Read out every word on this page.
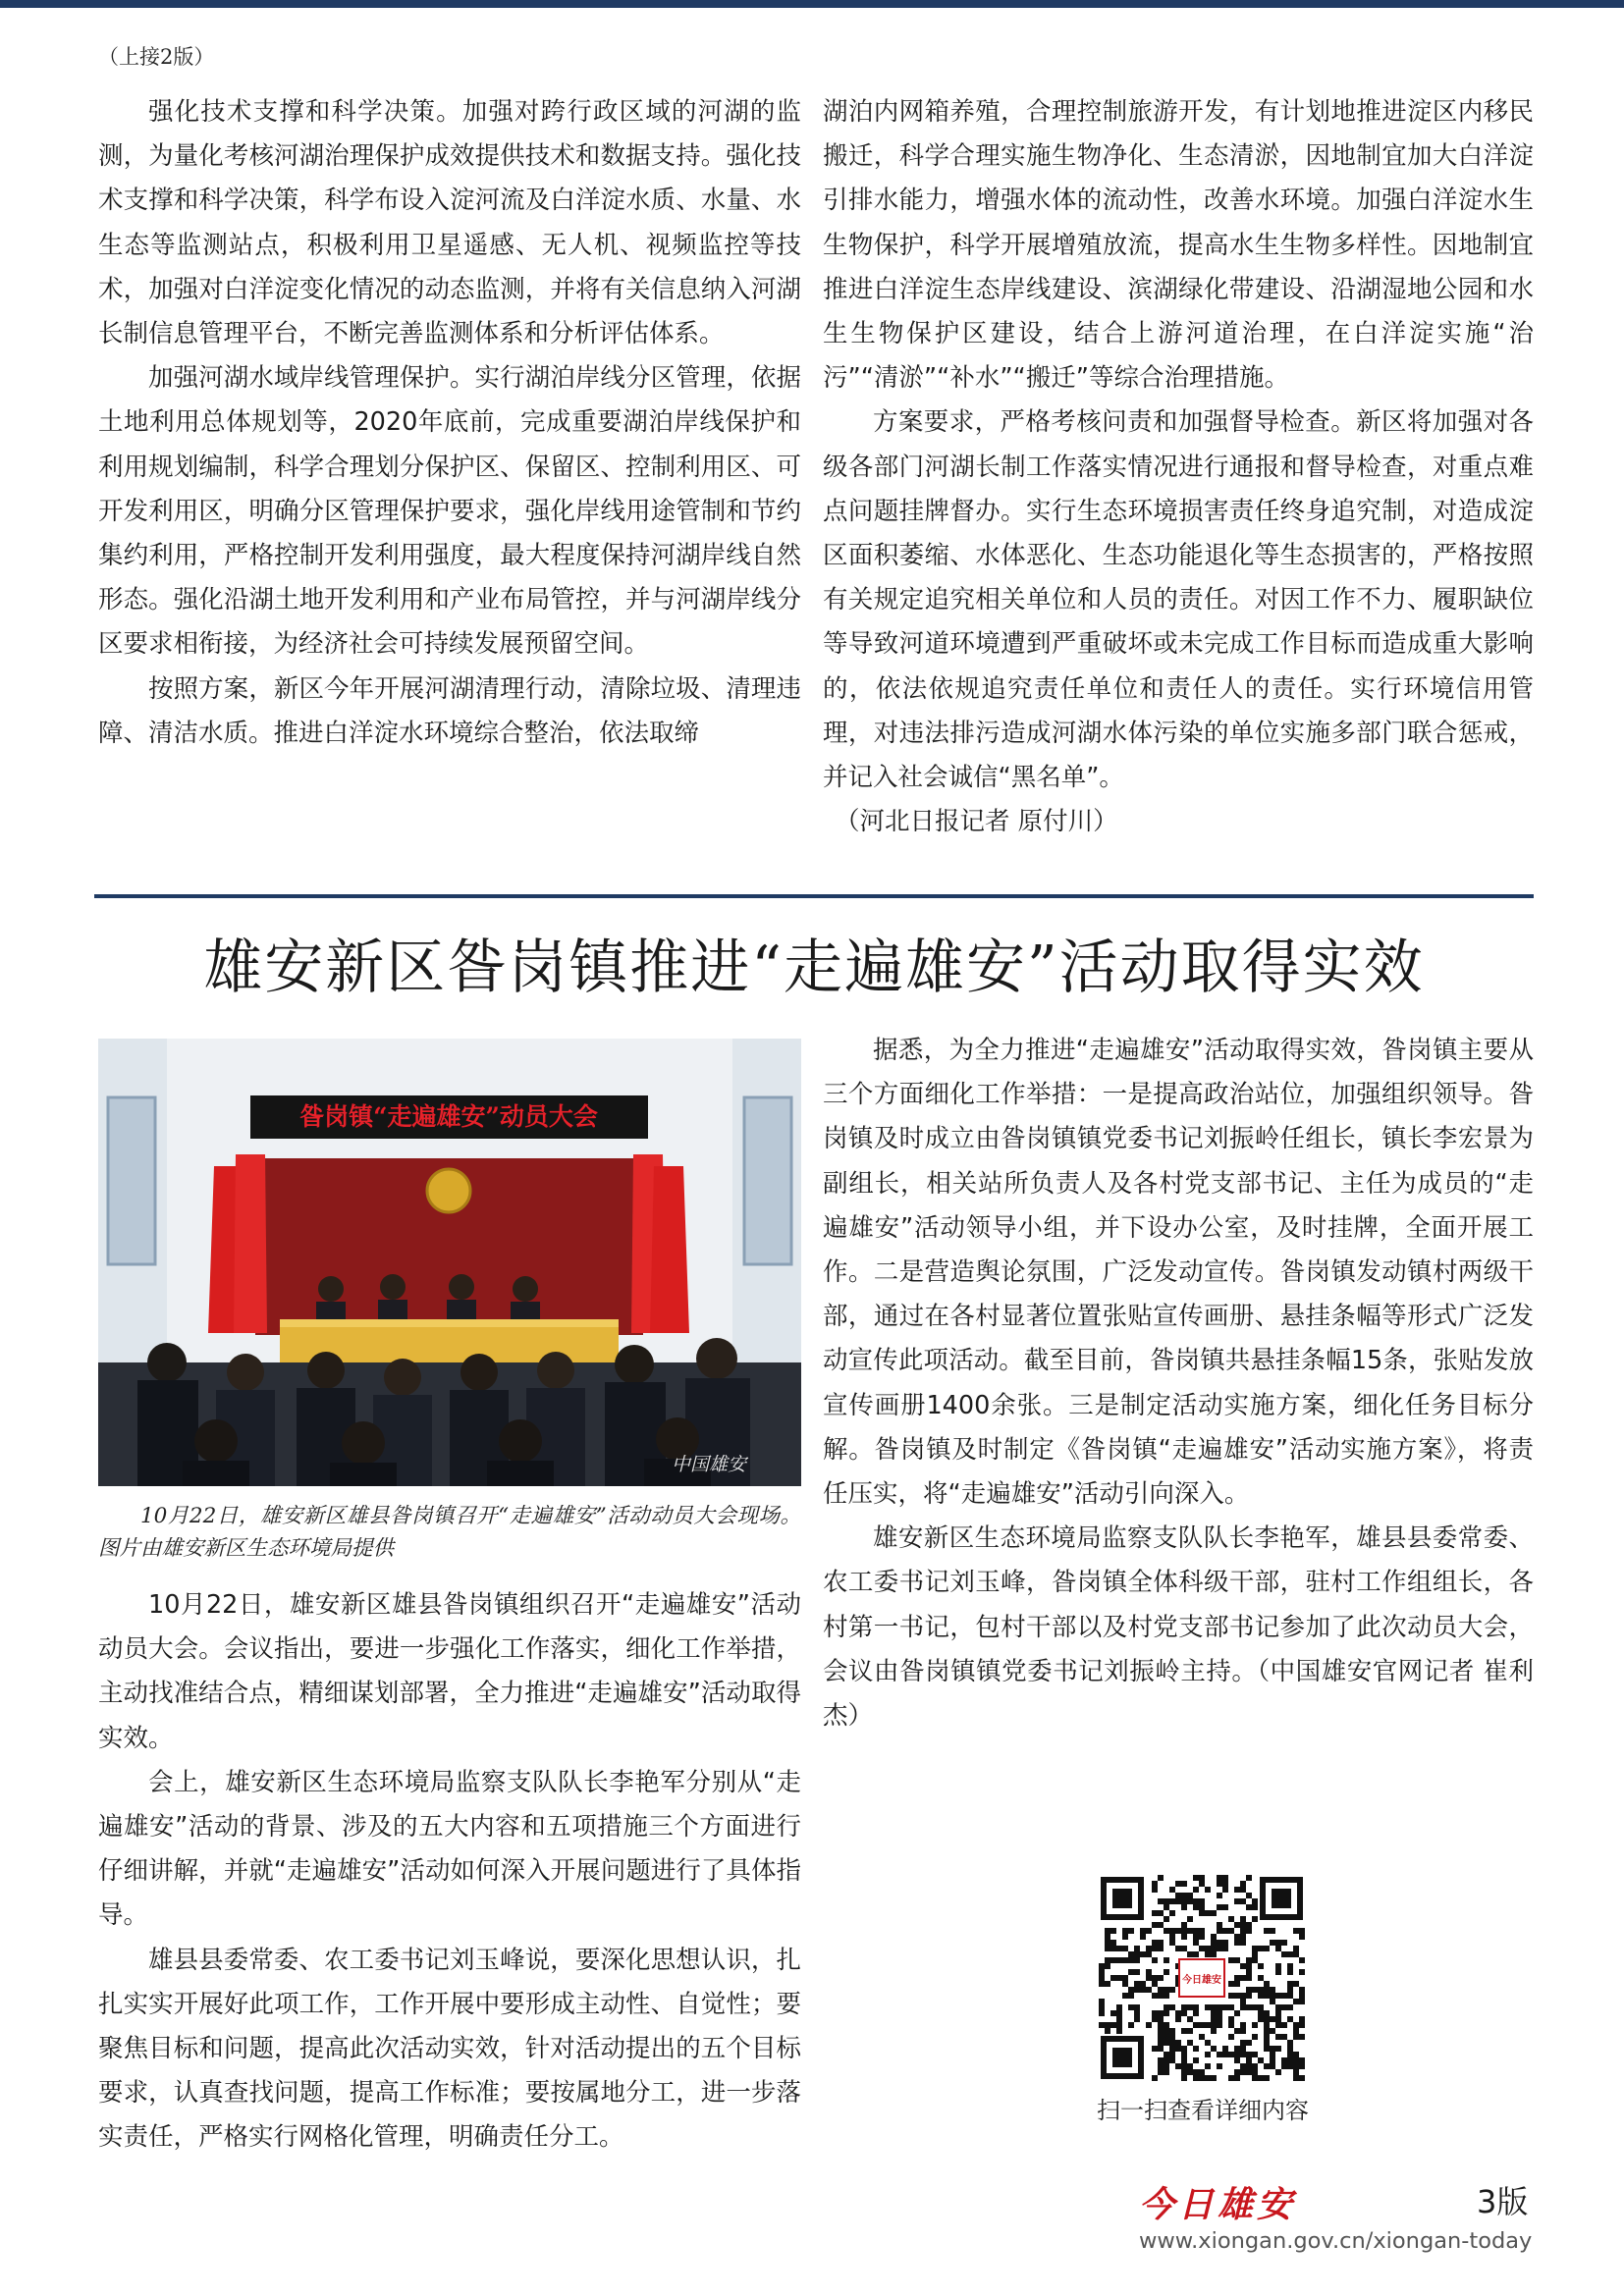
（上接2版）

强化技术支撑和科学决策。加强对跨行政区域的河湖的监测，为量化考核河湖治理保护成效提供技术和数据支持。强化技术支撑和科学决策，科学布设入淀河流及白洋淀水质、水量、水生态等监测站点，积极利用卫星遥感、无人机、视频监控等技术，加强对白洋淀变化情况的动态监测，并将有关信息纳入河湖长制信息管理平台，不断完善监测体系和分析评估体系。

加强河湖水域岸线管理保护。实行湖泊岸线分区管理，依据土地利用总体规划等，2020年底前，完成重要湖泊岸线保护和利用规划编制，科学合理划分保护区、保留区、控制利用区、可开发利用区，明确分区管理保护要求，强化岸线用途管制和节约集约利用，严格控制开发利用强度，最大程度保持河湖岸线自然形态。强化沿湖土地开发利用和产业布局管控，并与河湖岸线分区要求相衔接，为经济社会可持续发展预留空间。

按照方案，新区今年开展河湖清理行动，清除垃圾、清理违障、清洁水质。推进白洋淀水环境综合整治，依法取缔

湖泊内网箱养殖，合理控制旅游开发，有计划地推进淀区内移民搬迁，科学合理实施生物净化、生态清淤，因地制宜加大白洋淀引排水能力，增强水体的流动性，改善水环境。加强白洋淀水生生物保护，科学开展增殖放流，提高水生生物多样性。因地制宜推进白洋淀生态岸线建设、滨湖绿化带建设、沿湖湿地公园和水生生物保护区建设，结合上游河道治理，在白洋淀实施“治污”“清淤”“补水”“搬迁”等综合治理措施。

方案要求，严格考核问责和加强督导检查。新区将加强对各级各部门河湖长制工作落实情况进行通报和督导检查，对重点难点问题挂牌督办。实行生态环境损害责任终身追究制，对造成淀区面积萎缩、水体恶化、生态功能退化等生态损害的，严格按照有关规定追究相关单位和人员的责任。对因工作不力、履职缺位等导致河道环境遭到严重破坏或未完成工作目标而造成重大影响的，依法依规追究责任单位和责任人的责任。实行环境信用管理，对违法排污造成河湖水体污染的单位实施多部门联合惩戒，并记入社会诚信“黑名单”。

（河北日报记者 原付川）

雄安新区昝岗镇推进“走遍雄安”活动取得实效
昝岗镇“走遍雄安”动员大会
中国雄安
10月22日，雄安新区雄县昝岗镇召开“走遍雄安”活动动员大会现场。图片由雄安新区生态环境局提供

10月22日，雄安新区雄县昝岗镇组织召开“走遍雄安”活动动员大会。会议指出，要进一步强化工作落实，细化工作举措，主动找准结合点，精细谋划部署，全力推进“走遍雄安”活动取得实效。

会上，雄安新区生态环境局监察支队队长李艳军分别从“走遍雄安”活动的背景、涉及的五大内容和五项措施三个方面进行仔细讲解，并就“走遍雄安”活动如何深入开展问题进行了具体指导。

雄县县委常委、农工委书记刘玉峰说，要深化思想认识，扎扎实实开展好此项工作，工作开展中要形成主动性、自觉性；要聚焦目标和问题，提高此次活动实效，针对活动提出的五个目标要求，认真查找问题，提高工作标准；要按属地分工，进一步落实责任，严格实行网格化管理，明确责任分工。

据悉，为全力推进“走遍雄安”活动取得实效，昝岗镇主要从三个方面细化工作举措：一是提高政治站位，加强组织领导。昝岗镇及时成立由昝岗镇镇党委书记刘振岭任组长，镇长李宏景为副组长，相关站所负责人及各村党支部书记、主任为成员的“走遍雄安”活动领导小组，并下设办公室，及时挂牌，全面开展工作。二是营造舆论氛围，广泛发动宣传。昝岗镇发动镇村两级干部，通过在各村显著位置张贴宣传画册、悬挂条幅等形式广泛发动宣传此项活动。截至目前，昝岗镇共悬挂条幅15条，张贴发放宣传画册1400余张。三是制定活动实施方案，细化任务目标分解。昝岗镇及时制定《昝岗镇“走遍雄安”活动实施方案》，将责任压实，将“走遍雄安”活动引向深入。

雄安新区生态环境局监察支队队长李艳军，雄县县委常委、农工委书记刘玉峰，昝岗镇全体科级干部，驻村工作组组长，各村第一书记，包村干部以及村党支部书记参加了此次动员大会，会议由昝岗镇镇党委书记刘振岭主持。（中国雄安官网记者 崔利杰）

今日雄安
扫一扫查看详细内容
今日雄安	3版
www.xiongan.gov.cn/xiongan-today
